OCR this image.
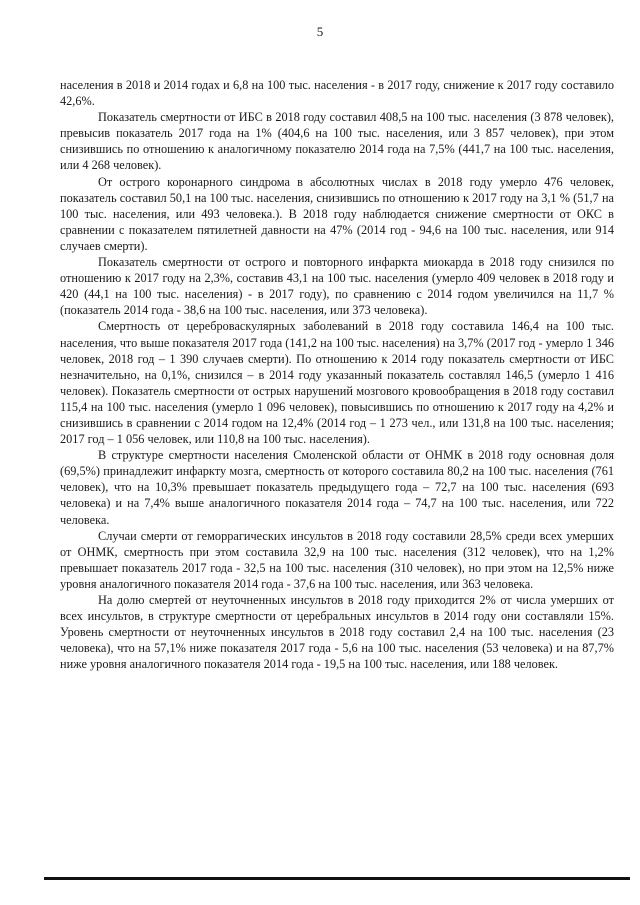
5

населения в 2018 и 2014 годах и 6,8 на 100 тыс. населения - в 2017 году, снижение к 2017 году составило 42,6%.

Показатель смертности от ИБС в 2018 году составил 408,5 на 100 тыс. населения (3 878 человек), превысив показатель 2017 года на 1% (404,6 на 100 тыс. населения, или 3 857 человек), при этом снизившись по отношению к аналогичному показателю 2014 года на 7,5% (441,7 на 100 тыс. населения, или 4 268 человек).

От острого коронарного синдрома в абсолютных числах в 2018 году умерло 476 человек, показатель составил 50,1 на 100 тыс. населения, снизившись по отношению к 2017 году на 3,1 % (51,7 на 100 тыс. населения, или 493 человека.). В 2018 году наблюдается снижение смертности от ОКС в сравнении с показателем пятилетней давности на 47% (2014 год - 94,6 на 100 тыс. населения, или 914 случаев смерти).

Показатель смертности от острого и повторного инфаркта миокарда в 2018 году снизился по отношению к 2017 году на 2,3%, составив 43,1 на 100 тыс. населения (умерло 409 человек в 2018 году и 420 (44,1 на 100 тыс. населения) - в 2017 году), по сравнению с 2014 годом увеличился на 11,7 % (показатель 2014 года - 38,6 на 100 тыс. населения, или 373 человека).

Смертность от цереброваскулярных заболеваний в 2018 году составила 146,4 на 100 тыс. населения, что выше показателя 2017 года (141,2 на 100 тыс. населения) на 3,7% (2017 год - умерло 1 346 человек, 2018 год – 1 390 случаев смерти). По отношению к 2014 году показатель смертности от ИБС незначительно, на 0,1%, снизился – в 2014 году указанный показатель составлял 146,5 (умерло 1 416 человек). Показатель смертности от острых нарушений мозгового кровообращения в 2018 году составил 115,4 на 100 тыс. населения (умерло 1 096 человек), повысившись по отношению к 2017 году на 4,2% и снизившись в сравнении с 2014 годом на 12,4% (2014 год – 1 273 чел., или 131,8 на 100 тыс. населения; 2017 год – 1 056 человек, или 110,8 на 100 тыс. населения).

В структуре смертности населения Смоленской области от ОНМК в 2018 году основная доля (69,5%) принадлежит инфаркту мозга, смертность от которого составила 80,2 на 100 тыс. населения (761 человек), что на 10,3% превышает показатель предыдущего года – 72,7 на 100 тыс. населения (693 человека) и на 7,4% выше аналогичного показателя 2014 года – 74,7 на 100 тыс. населения, или 722 человека.

Случаи смерти от геморрагических инсультов в 2018 году составили 28,5% среди всех умерших от ОНМК, смертность при этом составила 32,9 на 100 тыс. населения (312 человек), что на 1,2% превышает показатель 2017 года - 32,5 на 100 тыс. населения (310 человек), но при этом на 12,5% ниже уровня аналогичного показателя 2014 года - 37,6 на 100 тыс. населения, или 363 человека.

На долю смертей от неуточненных инсультов в 2018 году приходится 2% от числа умерших от всех инсультов, в структуре смертности от церебральных инсультов в 2014 году они составляли 15%. Уровень смертности от неуточненных инсультов в 2018 году составил 2,4 на 100 тыс. населения (23 человека), что на 57,1% ниже показателя 2017 года - 5,6 на 100 тыс. населения (53 человека) и на 87,7% ниже уровня аналогичного показателя 2014 года - 19,5 на 100 тыс. населения, или 188 человек.
